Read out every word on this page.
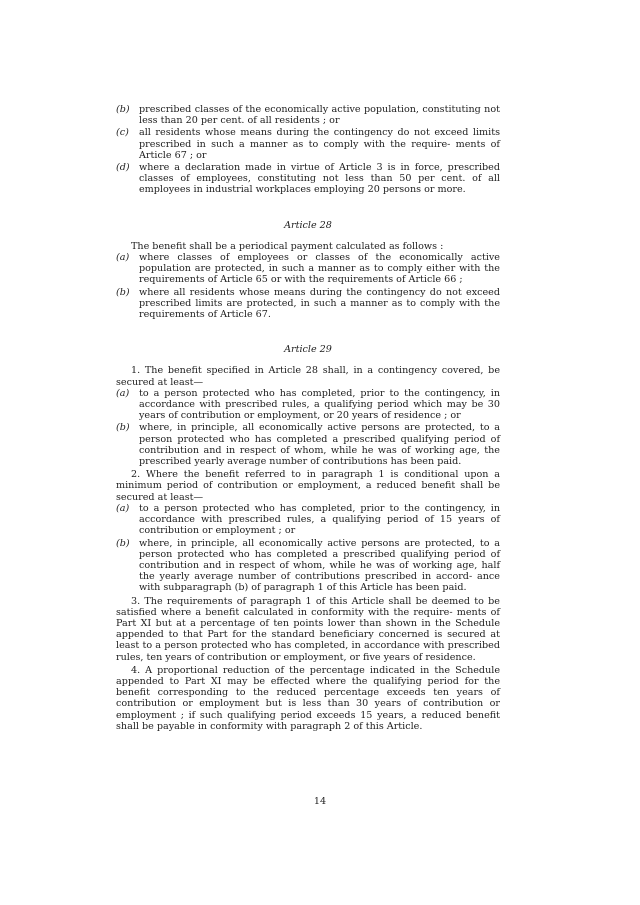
(b) prescribed classes of the economically active population, constituting not less than 20 per cent. of all residents ; or
(c)	all residents whose means during the contingency do not exceed limits prescribed in such a manner as to comply with the require- ments of Article 67 ; or
(d) where a declaration made in virtue of Article 3 is in force, prescribed classes of employees, constituting not less than 50 per cent. of all employees in industrial workplaces employing 20 persons or more.

Article 28

The benefit shall be a periodical payment calculated as follows :

(a)	where classes of employees or classes of the economically active population are protected, in such a manner as to comply either with the requirements of Article 65 or with the requirements of Article 66 ;
(b) where all residents whose means during the contingency do not exceed prescribed limits are protected, in such a manner as to comply with the requirements of Article 67.

Article 29

1. The benefit specified in Article 28 shall, in a contingency covered, be secured at least—

(a)	to a person protected who has completed, prior to the contingency, in accordance with prescribed rules, a qualifying period which may be 30 years of contribution or employment, or 20 years of residence ; or
(b) where, in principle, all economically active persons are protected, to a person protected who has completed a prescribed qualifying period of contribution and in respect of whom, while he was of working age, the prescribed yearly average number of contributions has been paid.

2. Where the benefit referred to in paragraph 1 is conditional upon a minimum period of contribution or employment, a reduced benefit shall be secured at least—

(a)	to a person protected who has completed, prior to the contingency, in accordance with prescribed rules, a qualifying period of 15 years of contribution or employment ; or
(b) where, in principle, all economically active persons are protected, to a person protected who has completed a prescribed qualifying period of contribution and in respect of whom, while he was of working age, half the yearly average number of contributions prescribed in accord- ance with subparagraph (b) of paragraph 1 of this Article has been paid.

3. The requirements of paragraph 1 of this Article shall be deemed to be satisfied where a benefit calculated in conformity with the require- ments of Part XI but at a percentage of ten points lower than shown in the Schedule appended to that Part for the standard beneficiary concerned is secured at least to a person protected who has completed, in accordance with prescribed rules, ten years of contribution or employment, or five years of residence.

4. A proportional reduction of the percentage indicated in the Schedule appended to Part XI may be effected where the qualifying period for the benefit corresponding to the reduced percentage exceeds ten years of contribution or employment but is less than 30 years of contribution or employment ; if such qualifying period exceeds 15 years, a reduced benefit shall be payable in conformity with paragraph 2 of this Article.

14
